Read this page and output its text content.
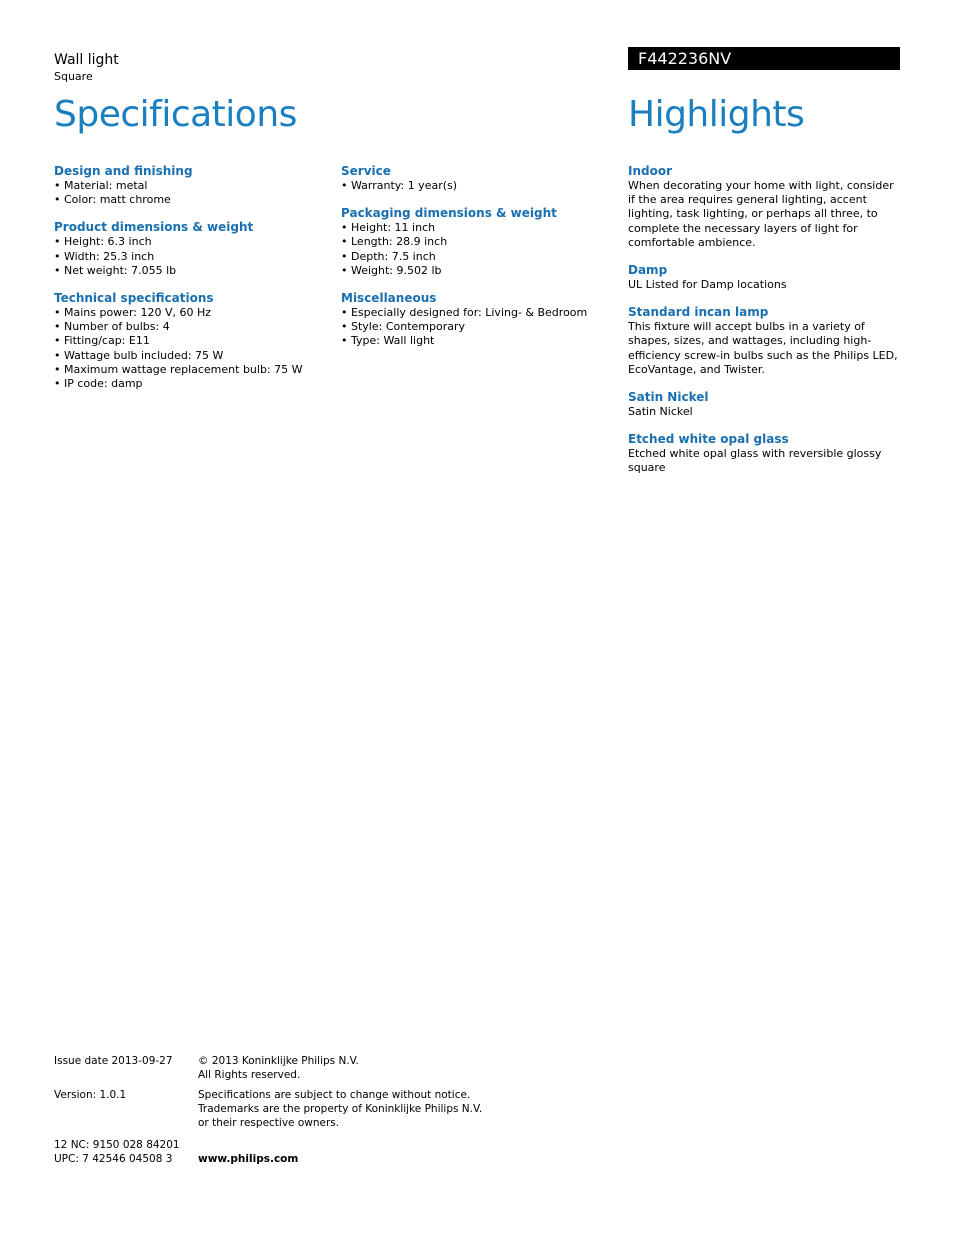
Wall light
Square
F442236NV
Specifications	Highlights
Design and finishing
• Material: metal
• Color: matt chrome
Product dimensions & weight
• Height: 6.3 inch
• Width: 25.3 inch
• Net weight: 7.055 lb
Technical specifications
• Mains power: 120 V, 60 Hz
• Number of bulbs: 4
• Fitting/cap: E11
• Wattage bulb included: 75 W
• Maximum wattage replacement bulb: 75 W
• IP code: damp
Service
• Warranty: 1 year(s)
Packaging dimensions & weight
• Height: 11 inch
• Length: 28.9 inch
• Depth: 7.5 inch
• Weight: 9.502 lb
Miscellaneous
• Especially designed for: Living- & Bedroom
• Style: Contemporary
• Type: Wall light
Indoor
When decorating your home with light, consider if the area requires general lighting, accent lighting, task lighting, or perhaps all three, to complete the necessary layers of light for comfortable ambience.
Damp
UL Listed for Damp locations
Standard incan lamp
This fixture will accept bulbs in a variety of shapes, sizes, and wattages, including high-efficiency screw-in bulbs such as the Philips LED, EcoVantage, and Twister.
Satin Nickel
Satin Nickel
Etched white opal glass
Etched white opal glass with reversible glossy square
Issue date 2013-09-27	© 2013 Koninklijke Philips N.V.
All Rights reserved.
Version: 1.0.1	Specifications are subject to change without notice.
Trademarks are the property of Koninklijke Philips N.V.
or their respective owners.
12 NC: 9150 028 84201
UPC: 7 42546 04508 3	www.philips.com
